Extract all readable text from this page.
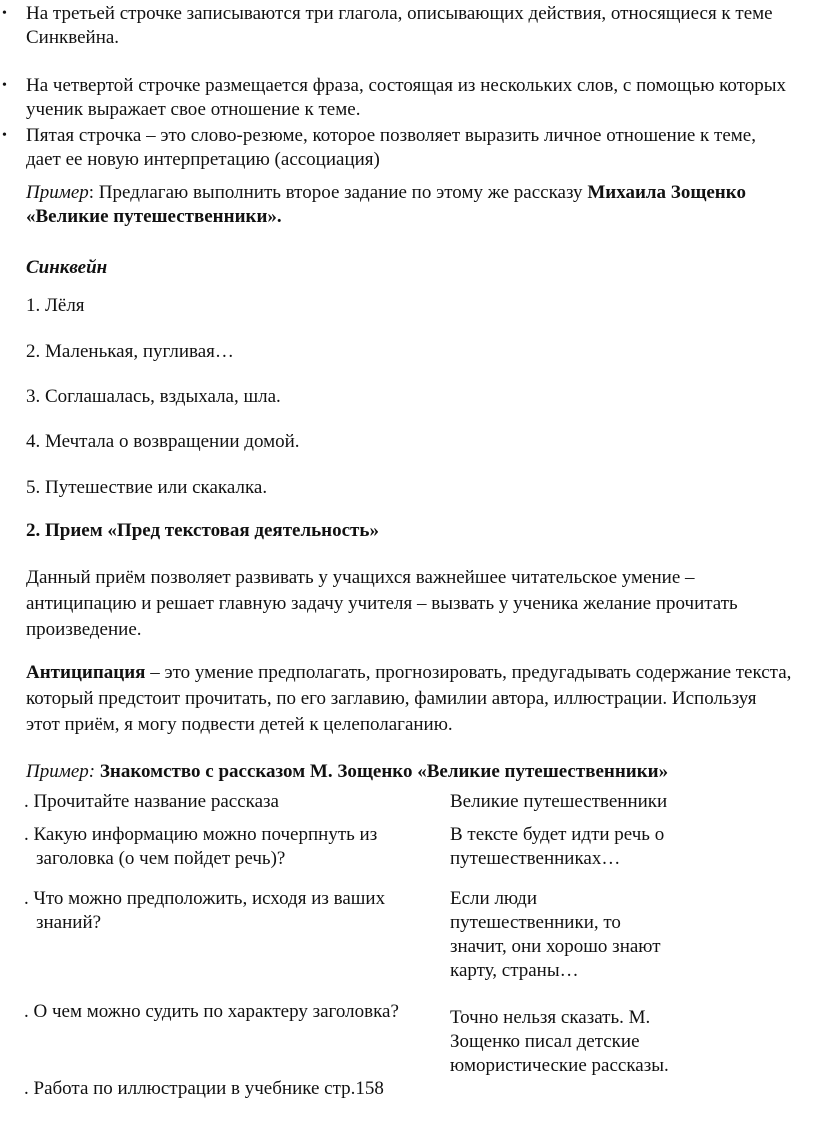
• На третьей строчке записываются три глагола, описывающих действия, относящиеся к теме Синквейна.
• На четвертой строчке размещается фраза, состоящая из нескольких слов, с помощью которых ученик выражает свое отношение к теме.
• Пятая строчка – это слово-резюме, которое позволяет выразить личное отношение к теме, дает ее новую интерпретацию (ассоциация)
Пример: Предлагаю выполнить второе задание по этому же рассказу Михаила Зощенко «Великие путешественники».
Синквейн
1. Лёля
2. Маленькая, пугливая…
3. Соглашалась, вздыхала, шла.
4. Мечтала о возвращении домой.
5. Путешествие или скакалка.
2. Прием «Пред текстовая деятельность»
Данный приём позволяет развивать у учащихся важнейшее читательское умение – антиципацию и решает главную задачу учителя – вызвать у ученика желание прочитать произведение.
Антиципация – это умение предполагать, прогнозировать, предугадывать содержание текста, который предстоит прочитать, по его заглавию, фамилии автора, иллюстрации. Используя этот приём, я могу подвести детей к целеполаганию.
Пример: Знакомство с рассказом М. Зощенко «Великие путешественники»
. Прочитайте название рассказа	Великие путешественники
. Какую информацию можно почерпнуть из
заголовка (о чем пойдет речь)?
В тексте будет идти речь о
путешественниках…
. Что можно предположить, исходя из ваших
знаний?
Если люди
путешественники, то
значит, они хорошо знают
карту, страны…
. О чем можно судить по характеру заголовка?	Точно нельзя сказать. М.
Зощенко писал детские
юмористические рассказы.
. Работа по иллюстрации в учебнике стр.158
